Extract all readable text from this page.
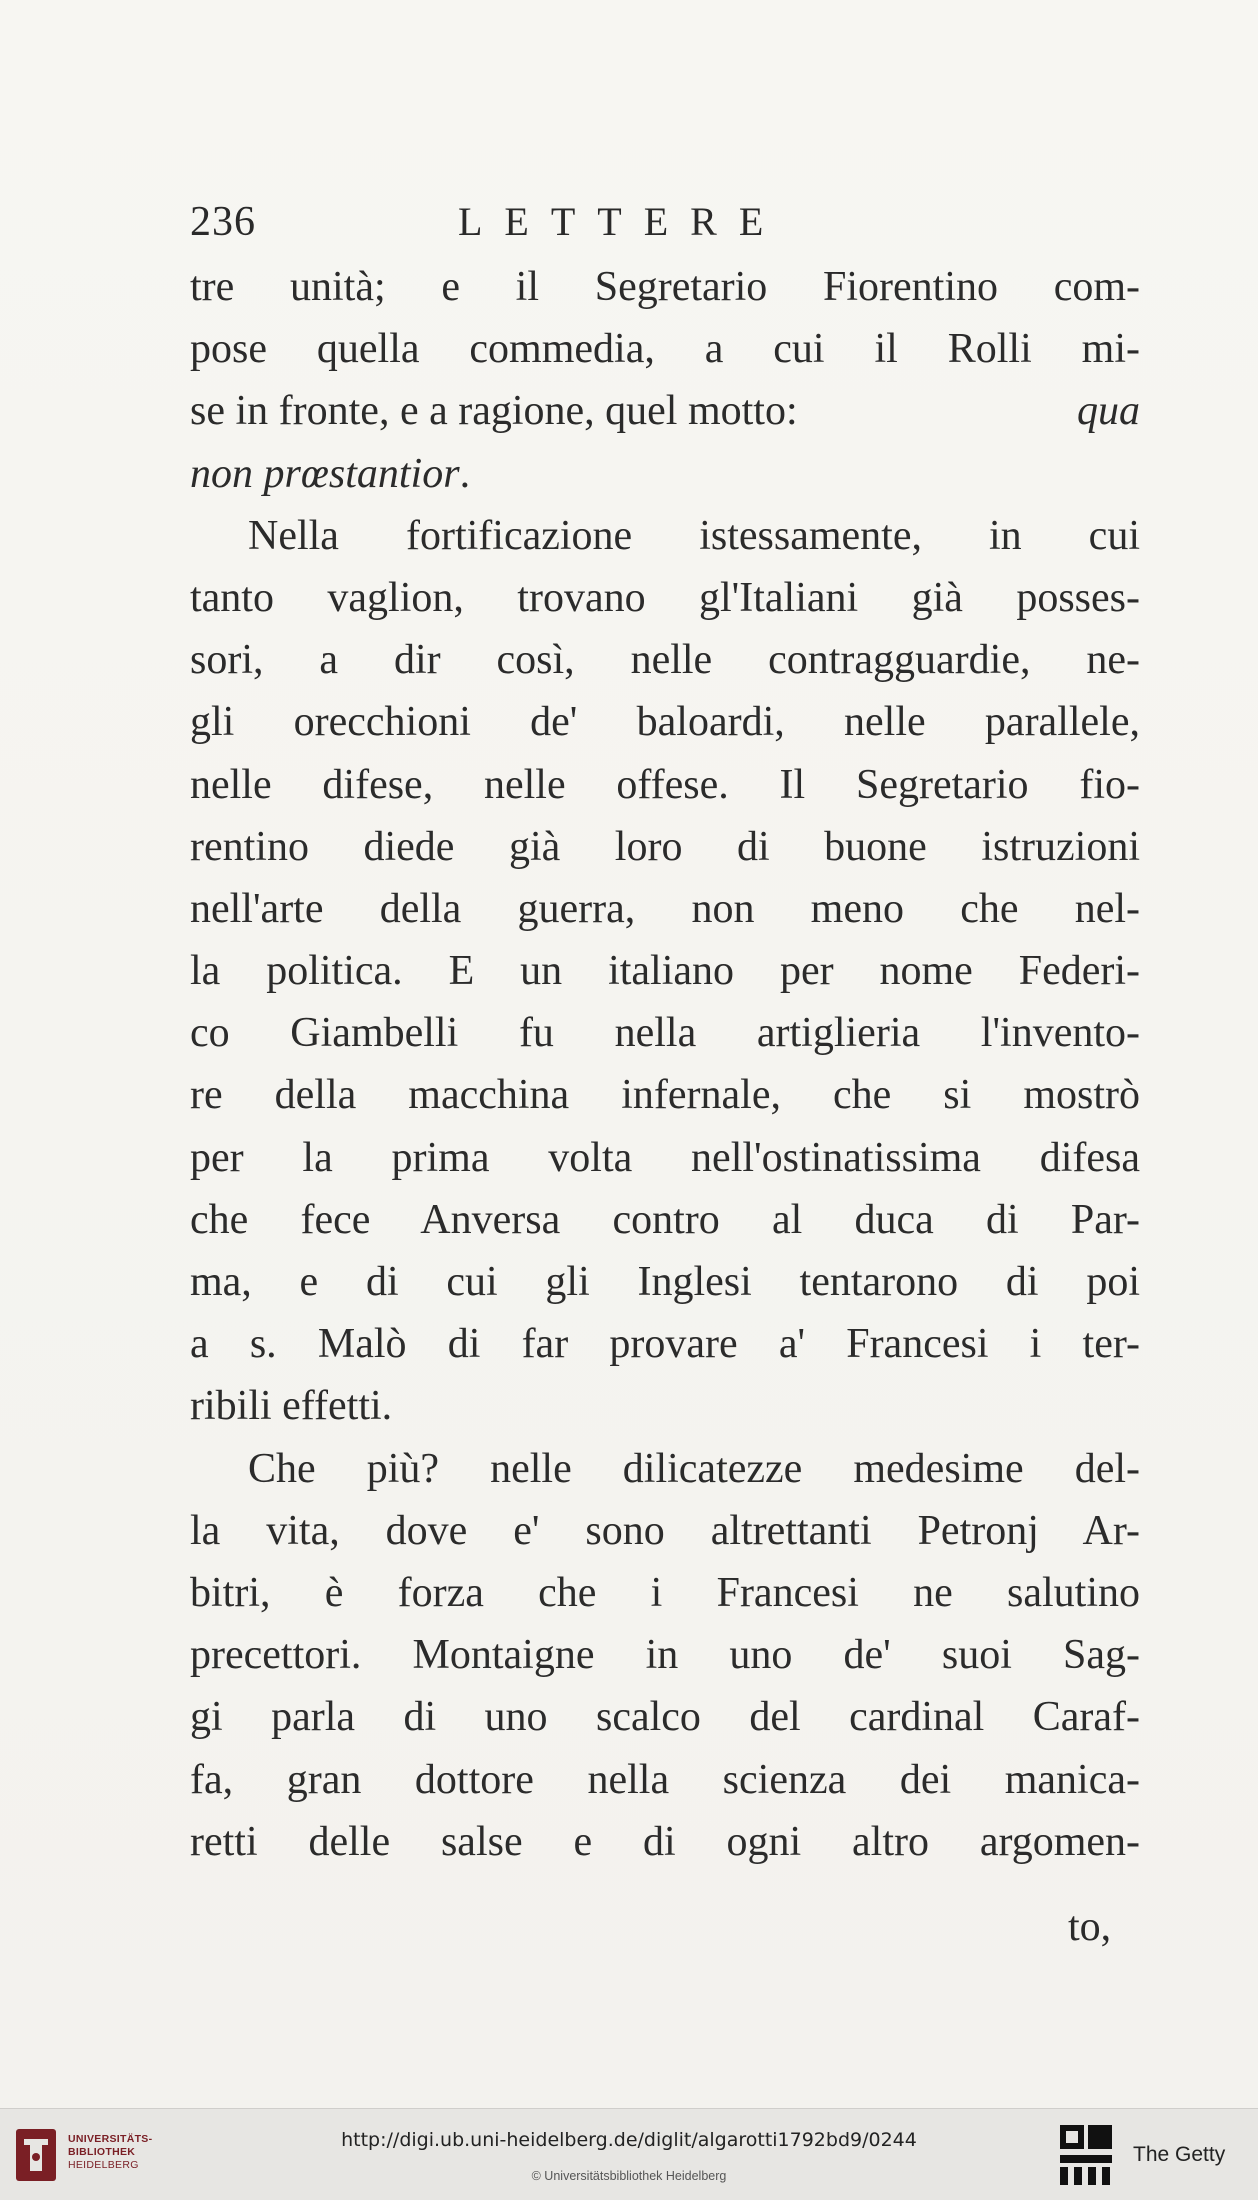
236	LETTERE
tre unità; e il Segretario Fiorentino com-
pose quella commedia, a cui il Rolli mi-
se in fronte, e a ragione, quel motto:	qua
non prœstantior.
Nella fortificazione istessamente, in cui
tanto vaglion, trovano gl'Italiani già posses-
sori, a dir così, nelle contragguardie, ne-
gli orecchioni de' baloardi, nelle parallele,
nelle difese, nelle offese. Il Segretario fio-
rentino diede già loro di buone istruzioni
nell'arte della guerra, non meno che nel-
la politica. E un italiano per nome Federi-
co Giambelli fu nella artiglieria l'invento-
re della macchina infernale, che si mostrò
per la prima volta nell'ostinatissima difesa
che fece Anversa contro al duca di Par-
ma, e di cui gli Inglesi tentarono di poi
a s. Malò di far provare a' Francesi i ter-
ribili effetti.
Che più? nelle dilicatezze medesime del-
la vita, dove e' sono altrettanti Petronj Ar-
bitri, è forza che i Francesi ne salutino
precettori. Montaigne in uno de' suoi Sag-
gi parla di uno scalco del cardinal Caraf-
fa, gran dottore nella scienza dei manica-
retti delle salse e di ogni altro argomen-
to,
UNIVERSITÄTS-
BIBLIOTHEK
HEIDELBERG
http://digi.ub.uni-heidelberg.de/diglit/algarotti1792bd9/0244
© Universitätsbibliothek Heidelberg
The Getty
